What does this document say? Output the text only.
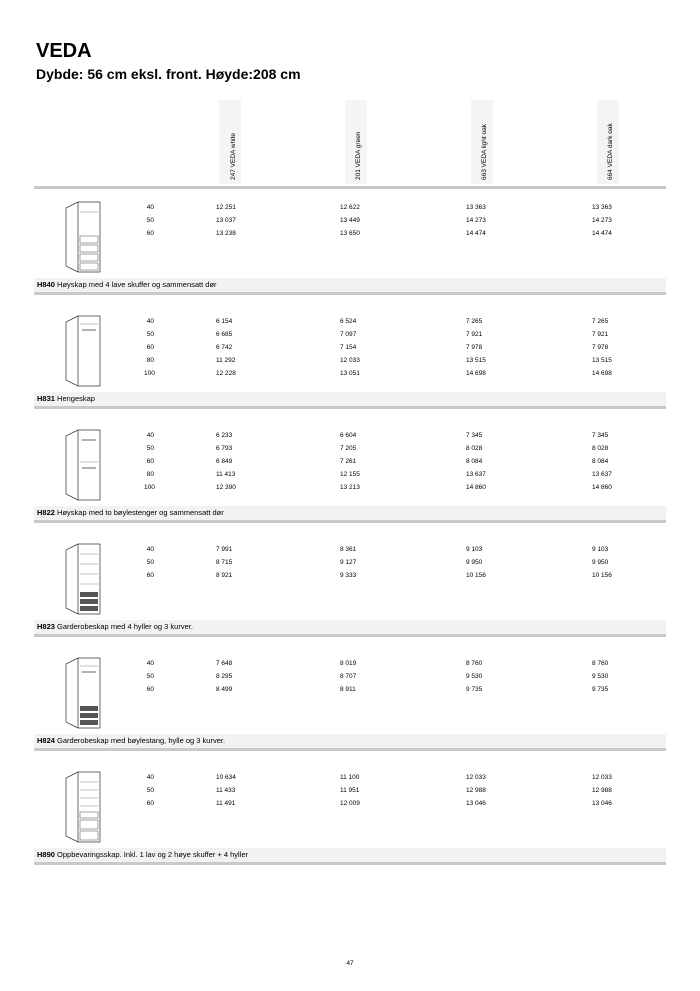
VEDA
Dybde: 56 cm eksl. front. Høyde:208 cm
247 VEDA white	201 VEDA green	663 VEDA light oak	664 VEDA dark oak
40	12 251	12 622	13 363	13 363
50	13 037	13 449	14 273	14 273
60	13 238	13 650	14 474	14 474
H840 Høyskap med 4 lave skuffer og sammensatt dør
40	6 154	6 524	7 265	7 265
50	6 685	7 097	7 921	7 921
60	6 742	7 154	7 978	7 978
80	11 292	12 033	13 515	13 515
100	12 228	13 051	14 698	14 698
H831 Hengeskap
40	6 233	6 604	7 345	7 345
50	6 793	7 205	8 028	8 028
60	6 849	7 261	8 084	8 084
80	11 413	12 155	13 637	13 637
100	12 390	13 213	14 860	14 860
H822 Høyskap med to bøylestenger og sammensatt dør
40	7 991	8 361	9 103	9 103
50	8 715	9 127	9 950	9 950
60	8 921	9 333	10 156	10 156
H823 Garderobeskap med 4 hyller og 3 kurver.
40	7 648	8 019	8 760	8 760
50	8 295	8 707	9 530	9 530
60	8 499	8 911	9 735	9 735
H824 Garderobeskap med bøylestang, hylle og 3 kurver.
40	10 634	11 100	12 033	12 033
50	11 433	11 951	12 988	12 988
60	11 491	12 009	13 046	13 046
H890 Oppbevaringsskap. Inkl. 1 lav og 2 høye skuffer + 4 hyller
47
